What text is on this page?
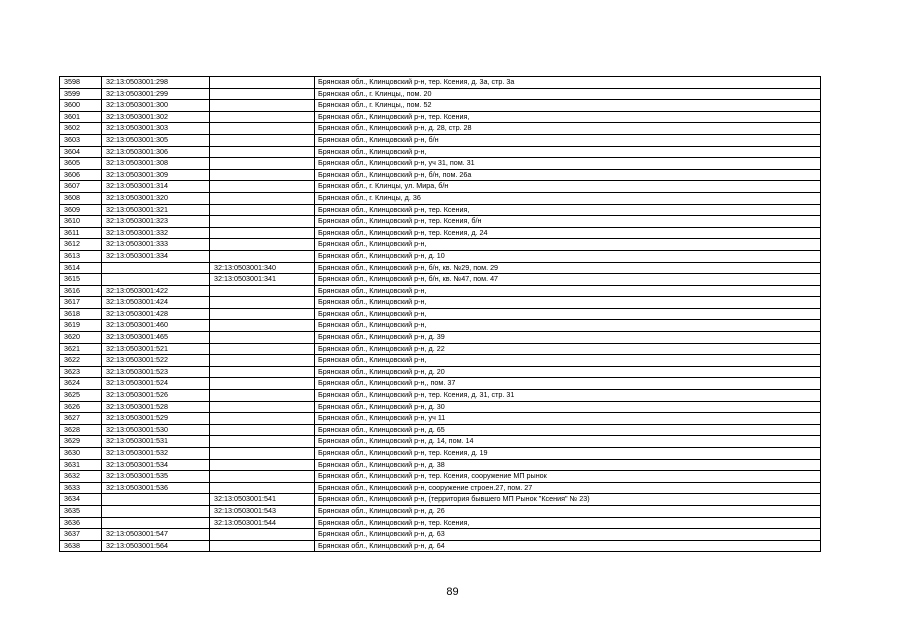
3598	32:13:0503001:298		Брянская обл., Клинцовский р-н, тер. Ксения, д. 3а, стр. 3а
3599	32:13:0503001:299		Брянская обл., г. Клинцы,, пом. 20
3600	32:13:0503001:300		Брянская обл., г. Клинцы,, пом. 52
3601	32:13:0503001:302		Брянская обл., Клинцовский р-н, тер. Ксения,
3602	32:13:0503001:303		Брянская обл., Клинцовский р-н, д. 28, стр. 28
3603	32:13:0503001:305		Брянская обл., Клинцовский р-н, б/н
3604	32:13:0503001:306		Брянская обл., Клинцовский р-н,
3605	32:13:0503001:308		Брянская обл., Клинцовский р-н, уч 31, пом. 31
3606	32:13:0503001:309		Брянская обл., Клинцовский р-н, б/н, пом. 26а
3607	32:13:0503001:314		Брянская обл., г. Клинцы, ул. Мира, б/н
3608	32:13:0503001:320		Брянская обл., г. Клинцы, д. 36
3609	32:13:0503001:321		Брянская обл., Клинцовский р-н, тер. Ксения,
3610	32:13:0503001:323		Брянская обл., Клинцовский р-н, тер. Ксения, б/н
3611	32:13:0503001:332		Брянская обл., Клинцовский р-н, тер. Ксения, д. 24
3612	32:13:0503001:333		Брянская обл., Клинцовский р-н,
3613	32:13:0503001:334		Брянская обл., Клинцовский р-н, д. 10
3614		32:13:0503001:340	Брянская обл., Клинцовский р-н, б/н, кв. №29, пом. 29
3615		32:13:0503001:341	Брянская обл., Клинцовский р-н, б/н, кв. №47, пом. 47
3616	32:13:0503001:422		Брянская обл., Клинцовский р-н,
3617	32:13:0503001:424		Брянская обл., Клинцовский р-н,
3618	32:13:0503001:428		Брянская обл., Клинцовский р-н,
3619	32:13:0503001:460		Брянская обл., Клинцовский р-н,
3620	32:13:0503001:465		Брянская обл., Клинцовский р-н, д. 39
3621	32:13:0503001:521		Брянская обл., Клинцовский р-н, д. 22
3622	32:13:0503001:522		Брянская обл., Клинцовский р-н,
3623	32:13:0503001:523		Брянская обл., Клинцовский р-н, д. 20
3624	32:13:0503001:524		Брянская обл., Клинцовский р-н,, пом. 37
3625	32:13:0503001:526		Брянская обл., Клинцовский р-н, тер. Ксения, д. 31, стр. 31
3626	32:13:0503001:528		Брянская обл., Клинцовский р-н, д. 30
3627	32:13:0503001:529		Брянская обл., Клинцовский р-н, уч 11
3628	32:13:0503001:530		Брянская обл., Клинцовский р-н, д. 65
3629	32:13:0503001:531		Брянская обл., Клинцовский р-н, д. 14, пом. 14
3630	32:13:0503001:532		Брянская обл., Клинцовский р-н, тер. Ксения, д. 19
3631	32:13:0503001:534		Брянская обл., Клинцовский р-н, д. 38
3632	32:13:0503001:535		Брянская обл., Клинцовский р-н, тер. Ксения, сооружение МП рынок
3633	32:13:0503001:536		Брянская обл., Клинцовский р-н, сооружение строен.27, пом. 27
3634		32:13:0503001:541	Брянская обл., Клинцовский р-н, (территория бывшего МП Рынок "Ксения" № 23)
3635		32:13:0503001:543	Брянская обл., Клинцовский р-н, д. 26
3636		32:13:0503001:544	Брянская обл., Клинцовский р-н, тер. Ксения,
3637	32:13:0503001:547		Брянская обл., Клинцовский р-н, д. 63
3638	32:13:0503001:564		Брянская обл., Клинцовский р-н, д. 64
89
